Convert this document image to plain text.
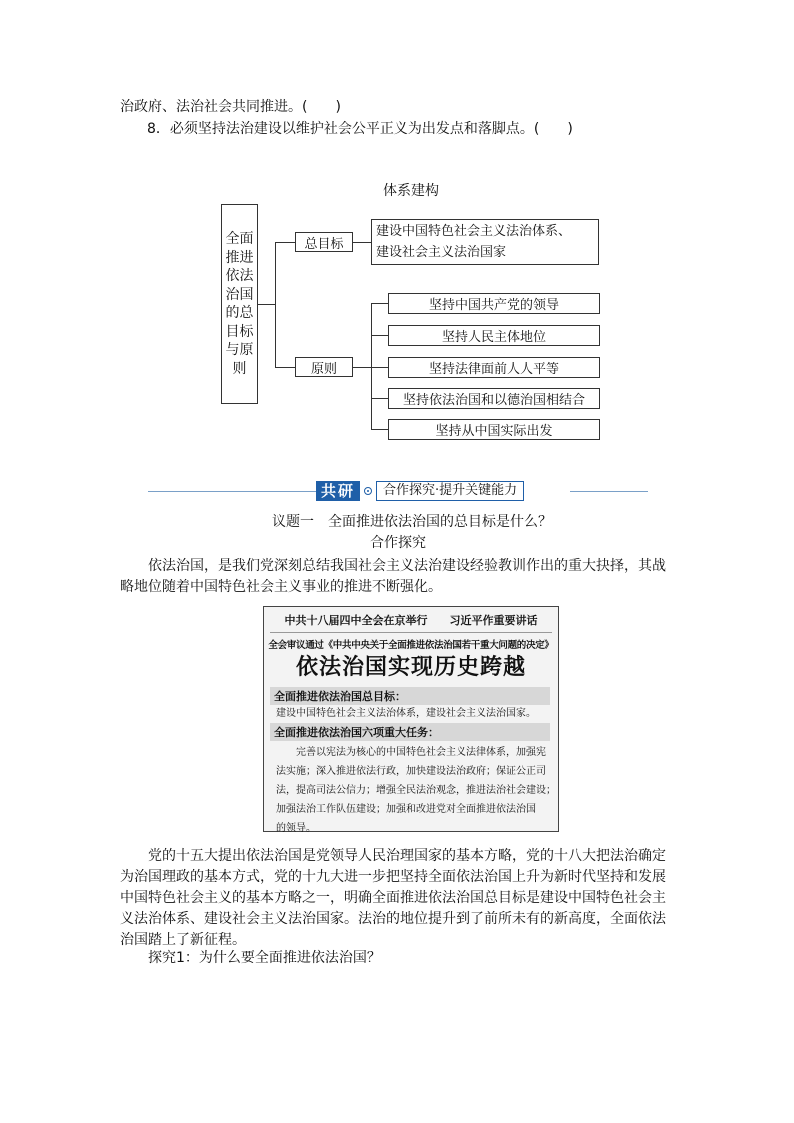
治政府、法治社会共同推进。(　　)
8．必须坚持法治建设以维护社会公平正义为出发点和落脚点。(　　)
体系建构
全面
推进
依法
治国
的总
目标
与原
则
总目标
建设中国特色社会主义法治体系、
建设社会主义法治国家
原则
坚持中国共产党的领导
坚持人民主体地位
坚持法律面前人人平等
坚持依法治国和以德治国相结合
坚持从中国实际出发
共研	合作探究·提升关键能力
议题一　全面推进依法治国的总目标是什么？
合作探究
依法治国，是我们党深刻总结我国社会主义法治建设经验教训作出的重大抉择，其战略地位随着中国特色社会主义事业的推进不断强化。
中共十八届四中全会在京举行　　习近平作重要讲话
全会审议通过《中共中央关于全面推进依法治国若干重大问题的决定》
依法治国实现历史跨越
全面推进依法治国总目标：
建设中国特色社会主义法治体系，建设社会主义法治国家。
全面推进依法治国六项重大任务：
完善以宪法为核心的中国特色社会主义法律体系，加强宪
法实施；深入推进依法行政，加快建设法治政府；保证公正司
法，提高司法公信力；增强全民法治观念，推进法治社会建设；
加强法治工作队伍建设；加强和改进党对全面推进依法治国
的领导。
党的十五大提出依法治国是党领导人民治理国家的基本方略，党的十八大把法治确定为治国理政的基本方式，党的十九大进一步把坚持全面依法治国上升为新时代坚持和发展中国特色社会主义的基本方略之一，明确全面推进依法治国总目标是建设中国特色社会主义法治体系、建设社会主义法治国家。法治的地位提升到了前所未有的新高度，全面依法治国踏上了新征程。
探究1：为什么要全面推进依法治国？
